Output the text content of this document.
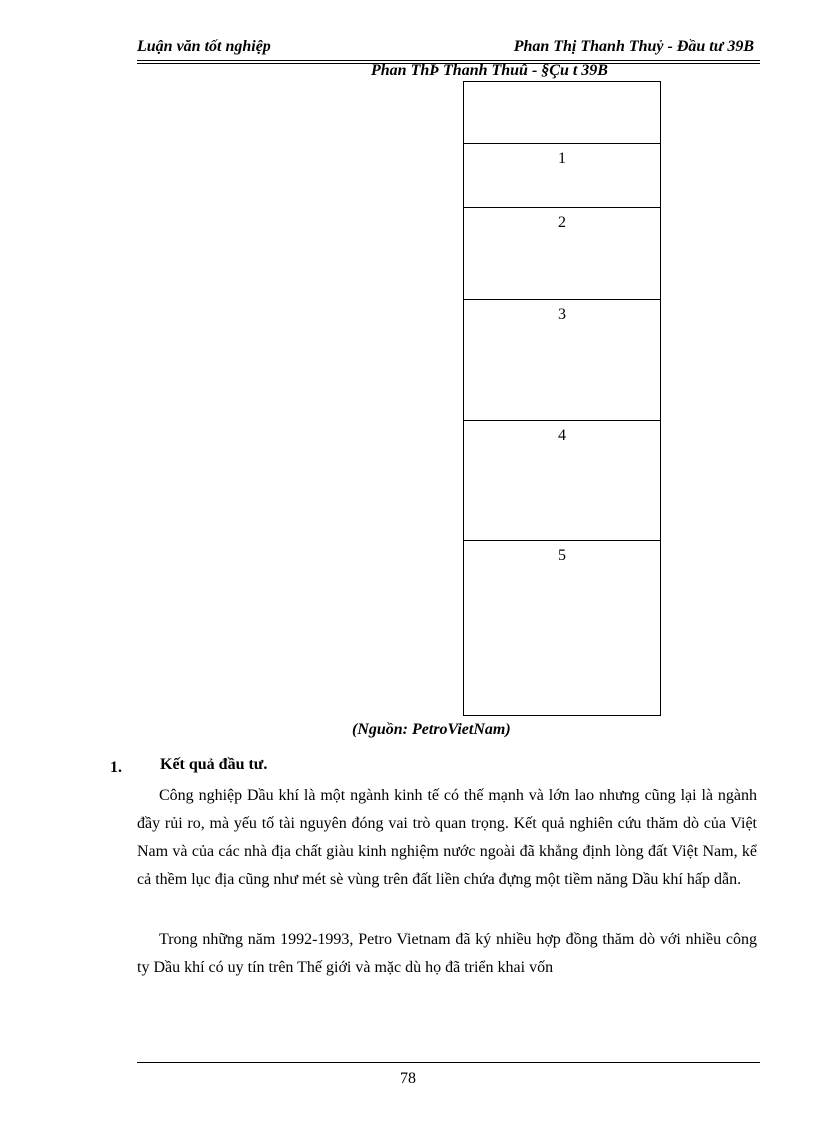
Luận văn tốt nghiệp	Phan Thị Thanh Thuỷ - Đầu tư 39B
Phan ThÞ Thanh Thuû - §Çu t 39B
1
2
3
4
5
(Nguồn: PetroVietNam)
1. Kết quả đầu tư.

Công nghiệp Dầu khí là một ngành kinh tế có thế mạnh và lớn lao nhưng cũng lại là ngành đầy rủi ro, mà yếu tố tài nguyên đóng vai trò quan trọng. Kết quả nghiên cứu thăm dò của Việt Nam và của các nhà địa chất giàu kinh nghiệm nước ngoài đã khẳng định lòng đất Việt Nam, kể cả thềm lục địa cũng như mét sè vùng trên đất liền chứa đựng một tiềm năng Dầu khí hấp dẫn.

Trong những năm 1992-1993, Petro Vietnam đã ký nhiều hợp đồng thăm dò với nhiều công ty Dầu khí có uy tín trên Thế giới và mặc dù họ đã triển khai vốn

78
